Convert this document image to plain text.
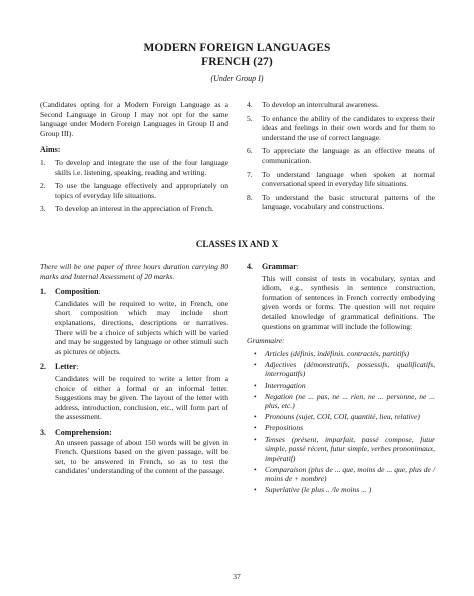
MODERN FOREIGN LANGUAGES
FRENCH (27)
(Under Group I)

(Candidates opting for a Modern Foreign Language as a Second Language in Group I may not opt for the same language under Modern Foreign Languages in Group II and Group III).

Aims:
1.	To develop and integrate the use of the four language skills i.e. listening, speaking, reading and writing.
2.	To use the language effectively and appropriately on topics of everyday life situations.
3.	To develop an interest in the appreciation of French.
4.	To develop an intercultural awareness.
5.	To enhance the ability of the candidates to express their ideas and feelings in their own words and for them to understand the use of correct language.
6.	To appreciate the language as an effective means of communication.
7.	To understand language when spoken at normal conversational speed in everyday life situations.
8.	To understand the basic structural patterns of the language, vocabulary and constructions.
CLASSES IX AND X

There will be one paper of three hours duration carrying 80 marks and Internal Assessment of 20 marks.

1.	Composition:

Candidates will be required to write, in French, one short composition which may include short explanations, directions, descriptions or narratives. There will be a choice of subjects which will be varied and may be suggested by language or other stimuli such as pictures or objects.

2.	Letter:

Candidates will be required to write a letter from a choice of either a formal or an informal letter. Suggestions may be given. The layout of the letter with address, introduction, conclusion, etc., will form part of the assessment.

3.	Comprehension:

An unseen passage of about 150 words will be given in French. Questions based on the given passage, will be set, to be answered in French, so as to test the candidates’ understanding of the content of the passage.

4.	Grammar:

This will consist of tests in vocabulary, syntax and idiom, e.g., synthesis in sentence construction, formation of sentences in French correctly embodying given words or forms. The question will not require detailed knowledge of grammatical definitions. The questions on grammar will include the following:

Grammaire:
•	Articles (définis, indéfinis. contractés, partitifs)
•	Adjectives (démonstratifs, possessifs, qualificatifs, interrogatifs)
•	Interrogation
•	Negation (ne ... pas, ne ... rien, ne ... personne, ne ... plus, etc.)
•	Pronouns (sujet, COI, COI, quantité, lieu, relative)
•	Prepositions
•	Tenses (présent, imparfait, passé compose, futur simple, passé récent, futur simple, verbes prononimaux, impératif)
•	Comparaison (plus de ... que, moins de ... que, plus de / moins de + nombre)
•	Superlative (le plus .. /le moins ... )
37
